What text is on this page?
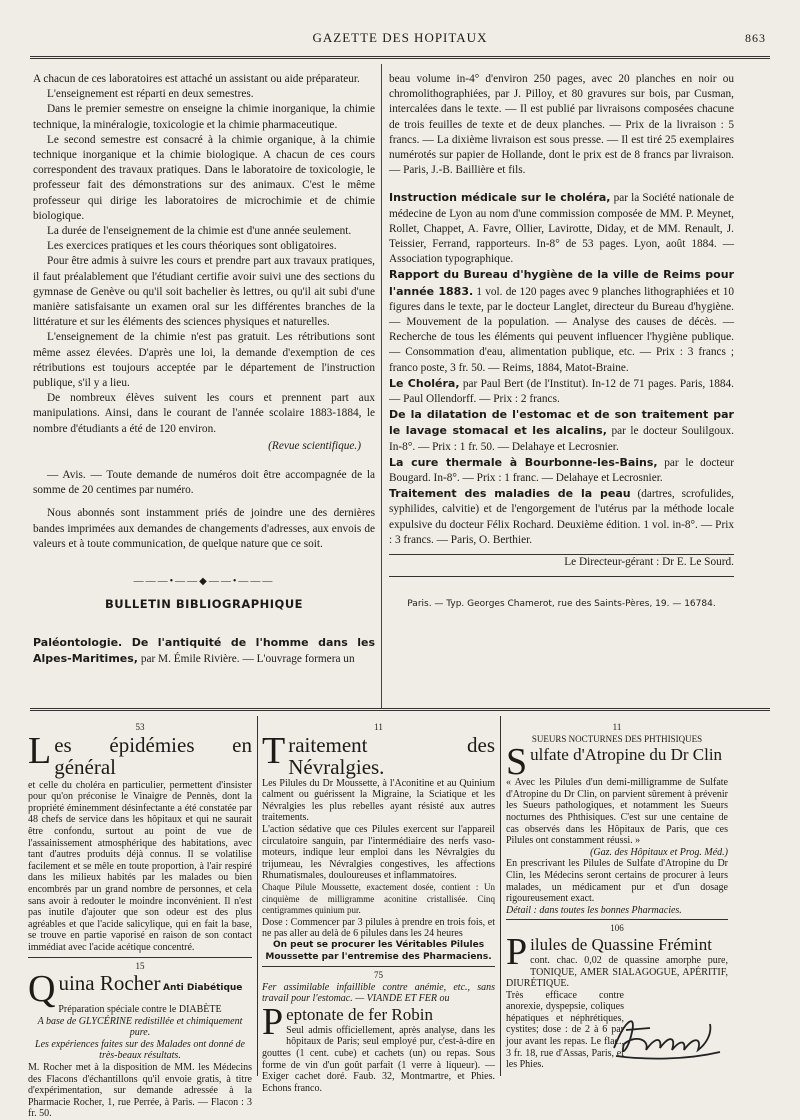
GAZETTE DES HOPITAUX	863

A chacun de ces laboratoires est attaché un assistant ou aide préparateur.

L'enseignement est réparti en deux semestres.

Dans le premier semestre on enseigne la chimie inorganique, la chimie technique, la minéralogie, toxicologie et la chimie pharmaceutique.

Le second semestre est consacré à la chimie organique, à la chimie technique inorganique et la chimie biologique. A chacun de ces cours correspondent des travaux pratiques. Dans le laboratoire de toxicologie, le professeur fait des démonstrations sur des animaux. C'est le même professeur qui dirige les laboratoires de microchimie et de chimie biologique.

La durée de l'enseignement de la chimie est d'une année seulement.

Les exercices pratiques et les cours théoriques sont obligatoires.

Pour être admis à suivre les cours et prendre part aux travaux pratiques, il faut préalablement que l'étudiant certifie avoir suivi une des sections du gymnase de Genève ou qu'il soit bachelier ès lettres, ou qu'il ait subi d'une manière satisfaisante un examen oral sur les différentes branches de la littérature et sur les éléments des sciences physiques et naturelles.

L'enseignement de la chimie n'est pas gratuit. Les rétributions sont même assez élevées. D'après une loi, la demande d'exemption de ces rétributions est toujours acceptée par le département de l'instruction publique, s'il y a lieu.

De nombreux élèves suivent les cours et prennent part aux manipulations. Ainsi, dans le courant de l'année scolaire 1883-1884, le nombre d'étudiants a été de 120 environ.

(Revue scientifique.)

— Avis. — Toute demande de numéros doit être accompagnée de la somme de 20 centimes par numéro.

Nous abonnés sont instamment priés de joindre une des dernières bandes imprimées aux demandes de changements d'adresses, aux envois de valeurs et à toute communication, de quelque nature que ce soit.

———•——◆——•———
BULLETIN BIBLIOGRAPHIQUE

Paléontologie. De l'antiquité de l'homme dans les Alpes-Maritimes, par M. Émile Rivière. — L'ouvrage formera un

beau volume in-4° d'environ 250 pages, avec 20 planches en noir ou chromolithographiées, par J. Pilloy, et 80 gravures sur bois, par Cusman, intercalées dans le texte. — Il est publié par livraisons composées chacune de trois feuilles de texte et de deux planches. — Prix de la livraison : 5 francs. — La dixième livraison est sous presse. — Il est tiré 25 exemplaires numérotés sur papier de Hollande, dont le prix est de 8 francs par livraison. — Paris, J.-B. Baillière et fils.

Instruction médicale sur le choléra, par la Société nationale de médecine de Lyon au nom d'une commission composée de MM. P. Meynet, Rollet, Chappet, A. Favre, Ollier, Lavirotte, Diday, et de MM. Renault, J. Teissier, Ferrand, rapporteurs. In-8° de 53 pages. Lyon, août 1884. — Association typographique.

Rapport du Bureau d'hygiène de la ville de Reims pour l'année 1883. 1 vol. de 120 pages avec 9 planches lithographiées et 10 figures dans le texte, par le docteur Langlet, directeur du Bureau d'hygiène. — Mouvement de la population. — Analyse des causes de décès. — Recherche de tous les éléments qui peuvent influencer l'hygiène publique. — Consommation d'eau, alimentation publique, etc. — Prix : 3 francs ; franco poste, 3 fr. 50. — Reims, 1884, Matot-Braine.

Le Choléra, par Paul Bert (de l'Institut). In-12 de 71 pages. Paris, 1884. — Paul Ollendorff. — Prix : 2 francs.

De la dilatation de l'estomac et de son traitement par le lavage stomacal et les alcalins, par le docteur Soulilgoux. In-8°. — Prix : 1 fr. 50. — Delahaye et Lecrosnier.

La cure thermale à Bourbonne-les-Bains, par le docteur Bougard. In-8°. — Prix : 1 franc. — Delahaye et Lecrosnier.

Traitement des maladies de la peau (dartres, scrofulides, syphilides, calvitie) et de l'engorgement de l'utérus par la méthode locale expulsive du docteur Félix Rochard. Deuxième édition. 1 vol. in-8°. — Prix : 3 francs. — Paris, O. Berthier.

Le Directeur-gérant : Dr E. Le Sourd.

Paris. — Typ. Georges Chamerot, rue des Saints-Pères, 19. — 16784.
53
Les épidémies en général
et celle du choléra en particulier, permettent d'insister pour qu'on préconise le Vinaigre de Pennès, dont la propriété éminemment désinfectante a été constatée par 48 chefs de service dans les hôpitaux et qui ne saurait être confondu, surtout au point de vue de l'assainissement atmosphérique des habitations, avec tant d'autres produits déjà connus. Il se volatilise facilement et se mêle en toute proportion, à l'air respiré dans les milieux habités par les malades ou bien encombrés par un grand nombre de personnes, et cela sans avoir à redouter le moindre inconvénient. Il n'est pas inutile d'ajouter que son odeur est des plus agréables et que l'acide salicylique, qui en fait la base, se trouve en partie vaporisé en raison de son contact immédiat avec l'acide acétique concentré.
15
Quina Rocher Anti Diabétique
Préparation spéciale contre le DIABÈTE
A base de GLYCÉRINE redistillée et chimiquement pure.
Les expériences faites sur des Malades ont donné de très-beaux résultats.
M. Rocher met à la disposition de MM. les Médecins des Flacons d'échantillons qu'il envoie gratis, à titre d'expérimentation, sur demande adressée à la Pharmacie Rocher, 1, rue Perrée, à Paris. — Flacon : 3 fr. 50.
11
Traitement des Névralgies.
Les Pilules du Dr Moussette, à l'Aconitine et au Quinium calment ou guérissent la Migraine, la Sciatique et les Névralgies les plus rebelles ayant résisté aux autres traitements.
L'action sédative que ces Pilules exercent sur l'appareil circulatoire sanguin, par l'intermédiaire des nerfs vaso-moteurs, indique leur emploi dans les Névralgies du trijumeau, les Névralgies congestives, les affections Rhumatismales, douloureuses et inflammatoires.
Chaque Pilule Moussette, exactement dosée, contient : Un cinquième de milligramme aconitine cristallisée. Cinq centigrammes quinium pur.
Dose : Commencer par 3 pilules à prendre en trois fois, et ne pas aller au delà de 6 pilules dans les 24 heures
On peut se procurer les Véritables Pilules Moussette par l'entremise des Pharmaciens.
75
Fer assimilable infaillible contre anémie, etc., sans travail pour l'estomac. — VIANDE ET FER ou
Peptonate de fer Robin
Seul admis officiellement, après analyse, dans les hôpitaux de Paris; seul employé pur, c'est-à-dire en gouttes (1 cent. cube) et cachets (un) ou repas. Sous forme de vin d'un goût parfait (1 verre à liqueur). — Exiger cachet doré. Faub. 32, Montmartre, et Phies. Echons franco.
11
SUEURS NOCTURNES DES PHTHISIQUES
Sulfate d'Atropine du Dr Clin
« Avec les Pilules d'un demi-milligramme de Sulfate d'Atropine du Dr Clin, on parvient sûrement à prévenir les Sueurs pathologiques, et notamment les Sueurs nocturnes des Phthisiques. C'est sur une centaine de cas observés dans les Hôpitaux de Paris, que ces Pilules ont constamment réussi. »
(Gaz. des Hôpitaux et Prog. Méd.)
En prescrivant les Pilules de Sulfate d'Atropine du Dr Clin, les Médecins seront certains de procurer à leurs malades, un médicament pur et d'un dosage rigoureusement exact.
Détail : dans toutes les bonnes Pharmacies.
106
Pilules de Quassine Frémint
cont. chac. 0,02 de quassine amorphe pure, TONIQUE, AMER SIALAGOGUE, APÉRITIF, DIURÉTIQUE.
Très efficace contre anorexie, dyspepsie, coliques hépatiques et néphrétiques, cystites; dose : de 2 à 6 par jour avant les repas. Le flac., 3 fr. 18, rue d'Assas, Paris, et les Phies.
